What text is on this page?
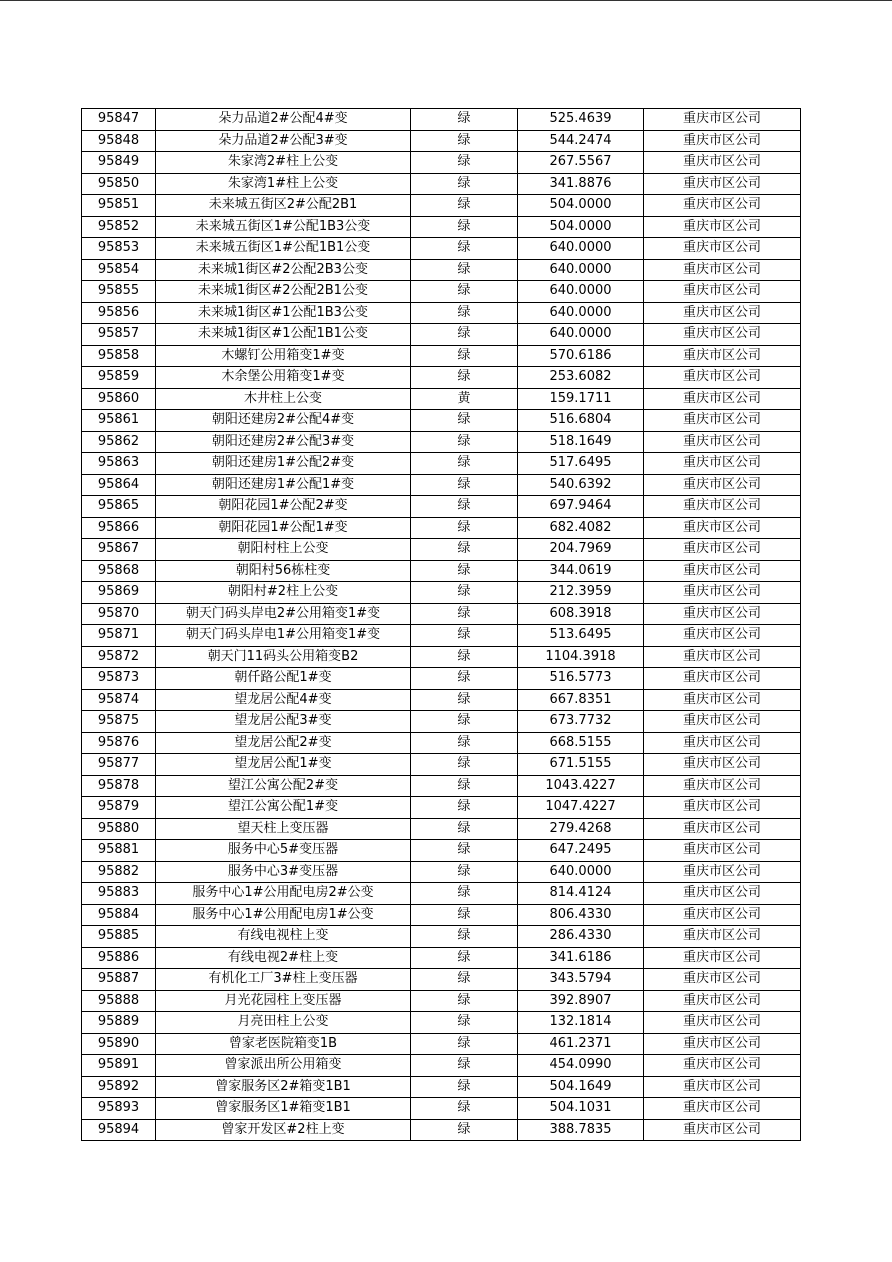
95847	朵力品道2#公配4#变	绿	525.4639	重庆市区公司
95848	朵力品道2#公配3#变	绿	544.2474	重庆市区公司
95849	朱家湾2#柱上公变	绿	267.5567	重庆市区公司
95850	朱家湾1#柱上公变	绿	341.8876	重庆市区公司
95851	未来城五街区2#公配2B1	绿	504.0000	重庆市区公司
95852	未来城五街区1#公配1B3公变	绿	504.0000	重庆市区公司
95853	未来城五街区1#公配1B1公变	绿	640.0000	重庆市区公司
95854	未来城1街区#2公配2B3公变	绿	640.0000	重庆市区公司
95855	未来城1街区#2公配2B1公变	绿	640.0000	重庆市区公司
95856	未来城1街区#1公配1B3公变	绿	640.0000	重庆市区公司
95857	未来城1街区#1公配1B1公变	绿	640.0000	重庆市区公司
95858	木螺钉公用箱变1#变	绿	570.6186	重庆市区公司
95859	木余堡公用箱变1#变	绿	253.6082	重庆市区公司
95860	木井柱上公变	黄	159.1711	重庆市区公司
95861	朝阳还建房2#公配4#变	绿	516.6804	重庆市区公司
95862	朝阳还建房2#公配3#变	绿	518.1649	重庆市区公司
95863	朝阳还建房1#公配2#变	绿	517.6495	重庆市区公司
95864	朝阳还建房1#公配1#变	绿	540.6392	重庆市区公司
95865	朝阳花园1#公配2#变	绿	697.9464	重庆市区公司
95866	朝阳花园1#公配1#变	绿	682.4082	重庆市区公司
95867	朝阳村柱上公变	绿	204.7969	重庆市区公司
95868	朝阳村56栋柱变	绿	344.0619	重庆市区公司
95869	朝阳村#2柱上公变	绿	212.3959	重庆市区公司
95870	朝天门码头岸电2#公用箱变1#变	绿	608.3918	重庆市区公司
95871	朝天门码头岸电1#公用箱变1#变	绿	513.6495	重庆市区公司
95872	朝天门11码头公用箱变B2	绿	1104.3918	重庆市区公司
95873	朝仟路公配1#变	绿	516.5773	重庆市区公司
95874	望龙居公配4#变	绿	667.8351	重庆市区公司
95875	望龙居公配3#变	绿	673.7732	重庆市区公司
95876	望龙居公配2#变	绿	668.5155	重庆市区公司
95877	望龙居公配1#变	绿	671.5155	重庆市区公司
95878	望江公寓公配2#变	绿	1043.4227	重庆市区公司
95879	望江公寓公配1#变	绿	1047.4227	重庆市区公司
95880	望天柱上变压器	绿	279.4268	重庆市区公司
95881	服务中心5#变压器	绿	647.2495	重庆市区公司
95882	服务中心3#变压器	绿	640.0000	重庆市区公司
95883	服务中心1#公用配电房2#公变	绿	814.4124	重庆市区公司
95884	服务中心1#公用配电房1#公变	绿	806.4330	重庆市区公司
95885	有线电视柱上变	绿	286.4330	重庆市区公司
95886	有线电视2#柱上变	绿	341.6186	重庆市区公司
95887	有机化工厂3#柱上变压器	绿	343.5794	重庆市区公司
95888	月光花园柱上变压器	绿	392.8907	重庆市区公司
95889	月亮田柱上公变	绿	132.1814	重庆市区公司
95890	曾家老医院箱变1B	绿	461.2371	重庆市区公司
95891	曾家派出所公用箱变	绿	454.0990	重庆市区公司
95892	曾家服务区2#箱变1B1	绿	504.1649	重庆市区公司
95893	曾家服务区1#箱变1B1	绿	504.1031	重庆市区公司
95894	曾家开发区#2柱上变	绿	388.7835	重庆市区公司
